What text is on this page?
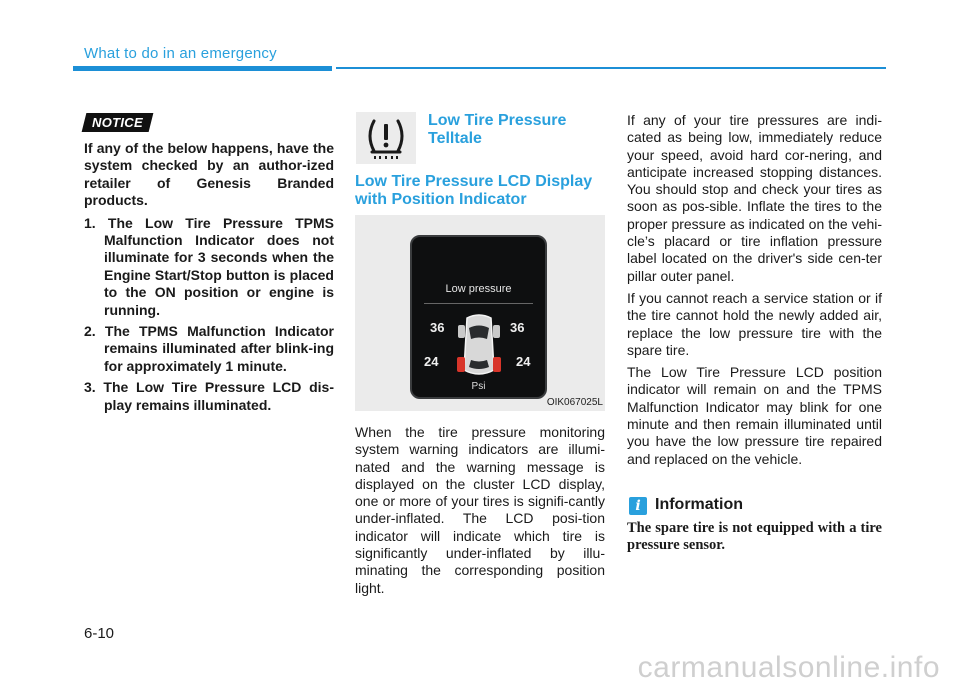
What to do in an emergency
NOTICE

If any of the below happens, have the system checked by an author-ized retailer of Genesis Branded products.

1. The Low Tire Pressure TPMS Malfunction Indicator does not illuminate for 3 seconds when the Engine Start/Stop button is placed to the ON position or engine is running.
2. The TPMS Malfunction Indicator remains illuminated after blink-ing for approximately 1 minute.
3. The Low Tire Pressure LCD dis-play remains illuminated.
Low Tire Pressure Telltale
Low Tire Pressure LCD Display with Position Indicator
Low pressure
36	36
24	24
Psi
OIK067025L

When the tire pressure monitoring system warning indicators are illumi-nated and the warning message is displayed on the cluster LCD display, one or more of your tires is signifi-cantly under-inflated. The LCD posi-tion indicator will indicate which tire is significantly under-inflated by illu-minating the corresponding position light.

If any of your tire pressures are indi-cated as being low, immediately reduce your speed, avoid hard cor-nering, and anticipate increased stopping distances. You should stop and check your tires as soon as pos-sible. Inflate the tires to the proper pressure as indicated on the vehi-cle’s placard or tire inflation pressure label located on the driver's side cen-ter pillar outer panel.

If you cannot reach a service station or if the tire cannot hold the newly added air, replace the low pressure tire with the spare tire.

The Low Tire Pressure LCD position indicator will remain on and the TPMS Malfunction Indicator may blink for one minute and then remain illuminated until you have the low pressure tire repaired and replaced on the vehicle.

i Information

The spare tire is not equipped with a tire pressure sensor.

6-10

carmanualsonline.info
